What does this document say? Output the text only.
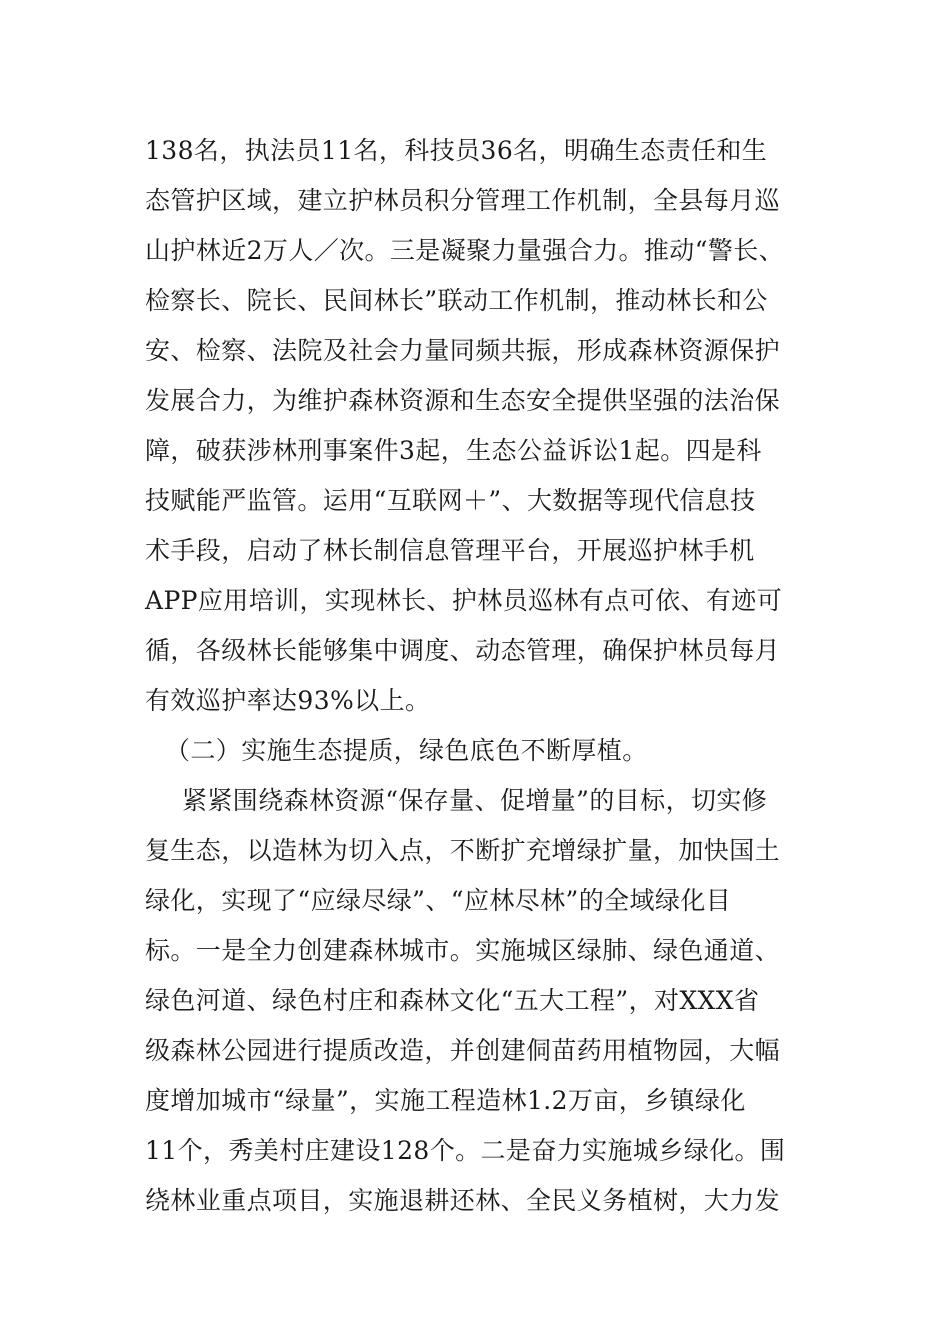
138名，执法员11名，科技员36名，明确生态责任和生
态管护区域，建立护林员积分管理工作机制，全县每月巡
山护林近2万人／次。三是凝聚力量强合力。推动“警长、
检察长、院长、民间林长”联动工作机制，推动林长和公
安、检察、法院及社会力量同频共振，形成森林资源保护
发展合力，为维护森林资源和生态安全提供坚强的法治保
障，破获涉林刑事案件3起，生态公益诉讼1起。四是科
技赋能严监管。运用“互联网＋”、大数据等现代信息技
术手段，启动了林长制信息管理平台，开展巡护林手机
APP应用培训，实现林长、护林员巡林有点可依、有迹可
循，各级林长能够集中调度、动态管理，确保护林员每月
有效巡护率达93%以上。
（二）实施生态提质，绿色底色不断厚植。
紧紧围绕森林资源“保存量、促增量”的目标，切实修
复生态，以造林为切入点，不断扩充增绿扩量，加快国土
绿化，实现了“应绿尽绿”、“应林尽林”的全域绿化目
标。一是全力创建森林城市。实施城区绿肺、绿色通道、
绿色河道、绿色村庄和森林文化“五大工程”，对XXX省
级森林公园进行提质改造，并创建侗苗药用植物园，大幅
度增加城市“绿量”，实施工程造林1.2万亩，乡镇绿化
11个，秀美村庄建设128个。二是奋力实施城乡绿化。围
绕林业重点项目，实施退耕还林、全民义务植树，大力发
